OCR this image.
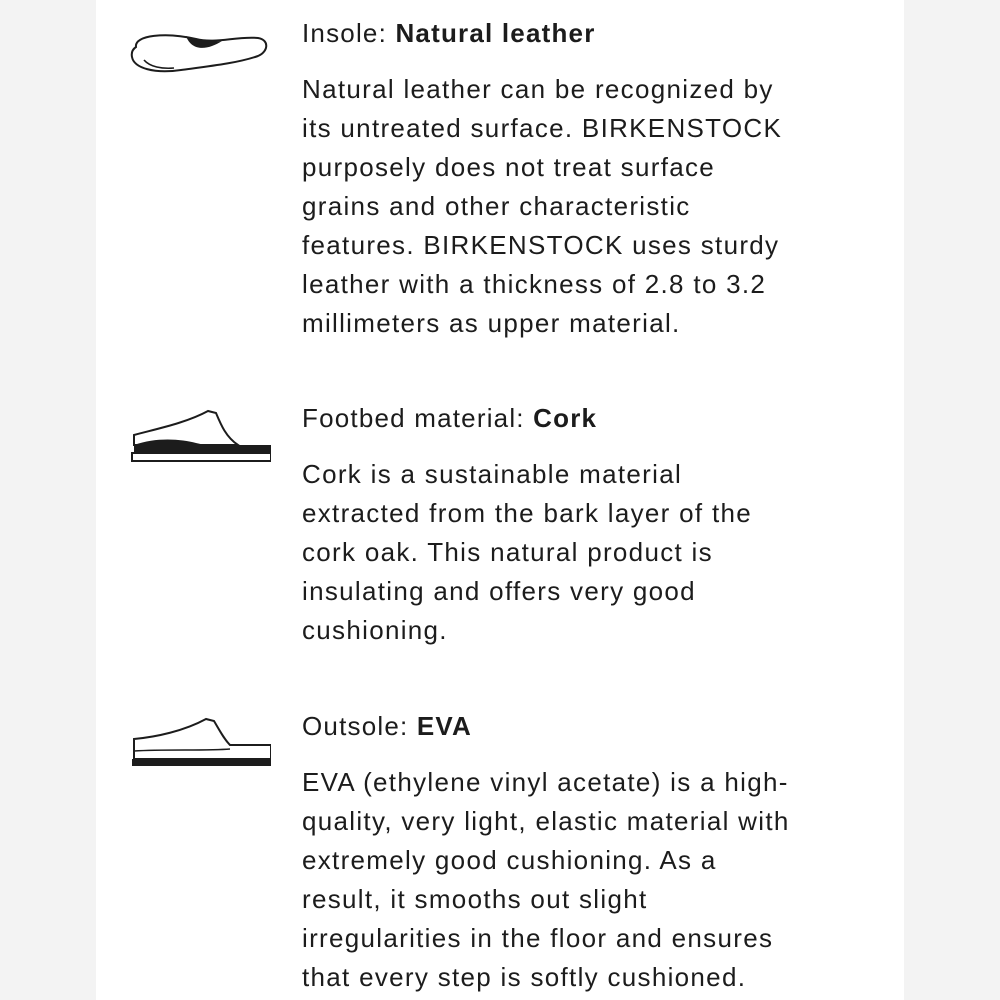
Insole: Natural leather

Natural leather can be recognized by
its untreated surface. BIRKENSTOCK
purposely does not treat surface
grains and other characteristic
features. BIRKENSTOCK uses sturdy
leather with a thickness of 2.8 to 3.2
millimeters as upper material.

Footbed material: Cork

Cork is a sustainable material
extracted from the bark layer of the
cork oak. This natural product is
insulating and offers very good
cushioning.

Outsole: EVA

EVA (ethylene vinyl acetate) is a high-
quality, very light, elastic material with
extremely good cushioning. As a
result, it smooths out slight
irregularities in the floor and ensures
that every step is softly cushioned.
